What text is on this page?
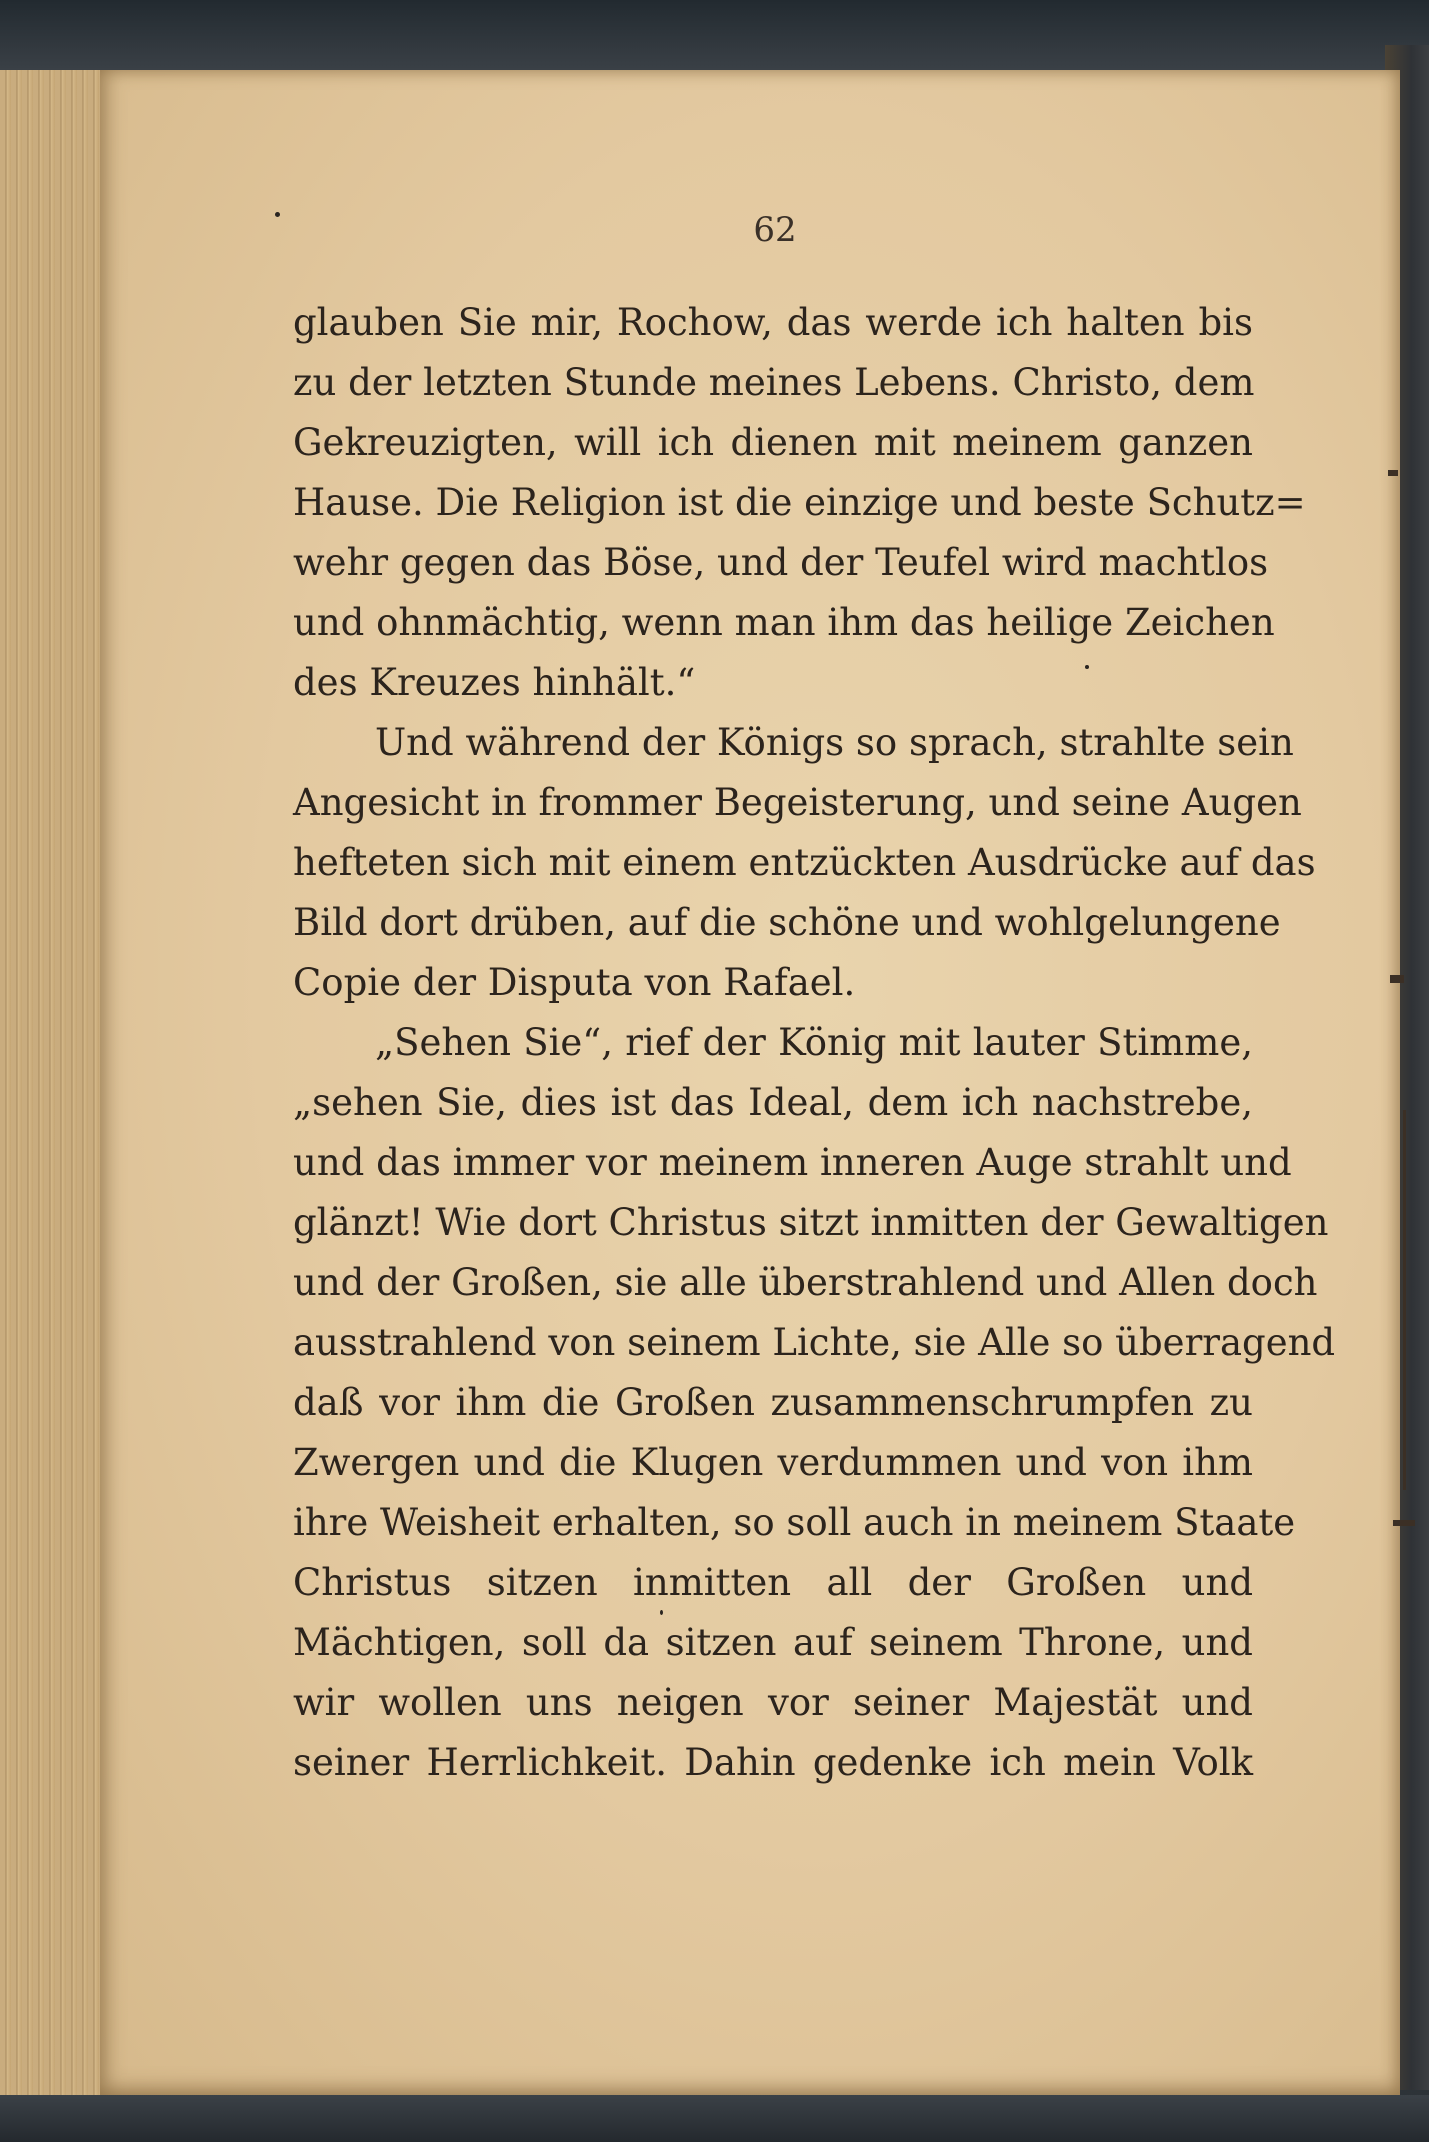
62
glauben Sie mir, Rochow, das werde ich halten bis
zu der letzten Stunde meines Lebens. Christo, dem
Gekreuzigten, will ich dienen mit meinem ganzen
Hause. Die Religion ist die einzige und beste Schutz=
wehr gegen das Böse, und der Teufel wird machtlos
und ohnmächtig, wenn man ihm das heilige Zeichen
des Kreuzes hinhält.“
Und während der Königs so sprach, strahlte sein
Angesicht in frommer Begeisterung, und seine Augen
hefteten sich mit einem entzückten Ausdrücke auf das
Bild dort drüben, auf die schöne und wohlgelungene
Copie der Disputa von Rafael.
„Sehen Sie“, rief der König mit lauter Stimme,
„sehen Sie, dies ist das Ideal, dem ich nachstrebe,
und das immer vor meinem inneren Auge strahlt und
glänzt! Wie dort Christus sitzt inmitten der Gewaltigen
und der Großen, sie alle überstrahlend und Allen doch
ausstrahlend von seinem Lichte, sie Alle so überragend
daß vor ihm die Großen zusammenschrumpfen zu
Zwergen und die Klugen verdummen und von ihm
ihre Weisheit erhalten, so soll auch in meinem Staate
Christus sitzen inmitten all der Großen und
Mächtigen, soll da sitzen auf seinem Throne, und
wir wollen uns neigen vor seiner Majestät und
seiner Herrlichkeit. Dahin gedenke ich mein Volk
